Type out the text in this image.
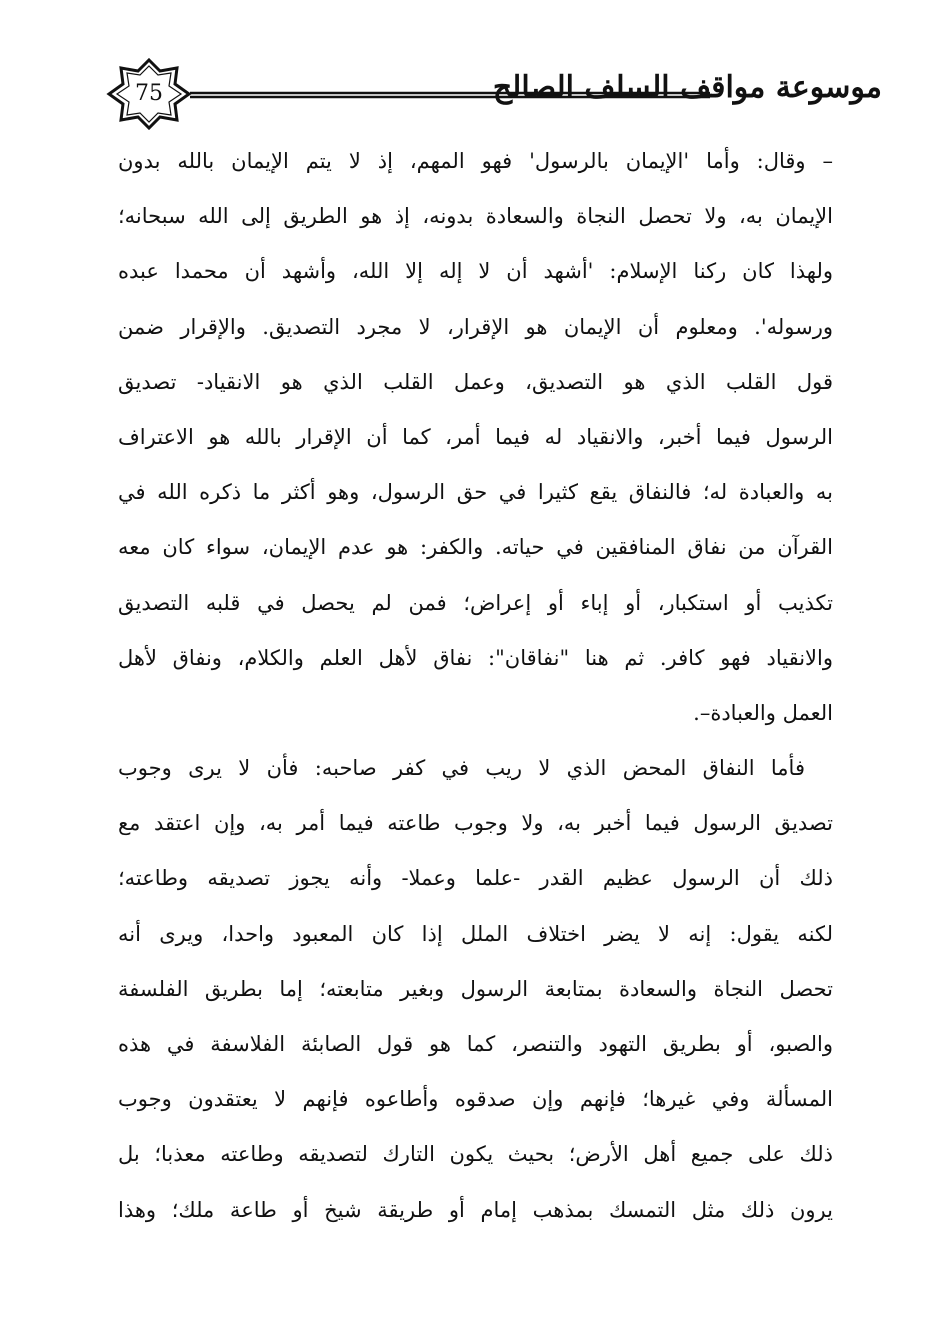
75	موسوعة مواقف السلف الصالح
– وقال: وأما 'الإيمان بالرسول' فهو المهم، إذ لا يتم الإيمان بالله بدون
الإيمان به، ولا تحصل النجاة والسعادة بدونه، إذ هو الطريق إلى الله سبحانه؛
ولهذا كان ركنا الإسلام: 'أشهد أن لا إله إلا الله، وأشهد أن محمدا عبده
ورسوله'. ومعلوم أن الإيمان هو الإقرار، لا مجرد التصديق. والإقرار ضمن
قول القلب الذي هو التصديق، وعمل القلب الذي هو الانقياد- تصديق
الرسول فيما أخبر، والانقياد له فيما أمر، كما أن الإقرار بالله هو الاعتراف
به والعبادة له؛ فالنفاق يقع كثيرا في حق الرسول، وهو أكثر ما ذكره الله في
القرآن من نفاق المنافقين في حياته. والكفر: هو عدم الإيمان، سواء كان معه
تكذيب أو استكبار، أو إباء أو إعراض؛ فمن لم يحصل في قلبه التصديق
والانقياد فهو كافر. ثم هنا "نفاقان": نفاق لأهل العلم والكلام، ونفاق لأهل
العمل والعبادة–.
فأما النفاق المحض الذي لا ريب في كفر صاحبه: فأن لا يرى وجوب
تصديق الرسول فيما أخبر به، ولا وجوب طاعته فيما أمر به، وإن اعتقد مع
ذلك أن الرسول عظيم القدر -علما وعملا- وأنه يجوز تصديقه وطاعته؛
لكنه يقول: إنه لا يضر اختلاف الملل إذا كان المعبود واحدا، ويرى أنه
تحصل النجاة والسعادة بمتابعة الرسول وبغير متابعته؛ إما بطريق الفلسفة
والصبو، أو بطريق التهود والتنصر، كما هو قول الصابئة الفلاسفة في هذه
المسألة وفي غيرها؛ فإنهم وإن صدقوه وأطاعوه فإنهم لا يعتقدون وجوب
ذلك على جميع أهل الأرض؛ بحيث يكون التارك لتصديقه وطاعته معذبا؛ بل
يرون ذلك مثل التمسك بمذهب إمام أو طريقة شيخ أو طاعة ملك؛ وهذا
